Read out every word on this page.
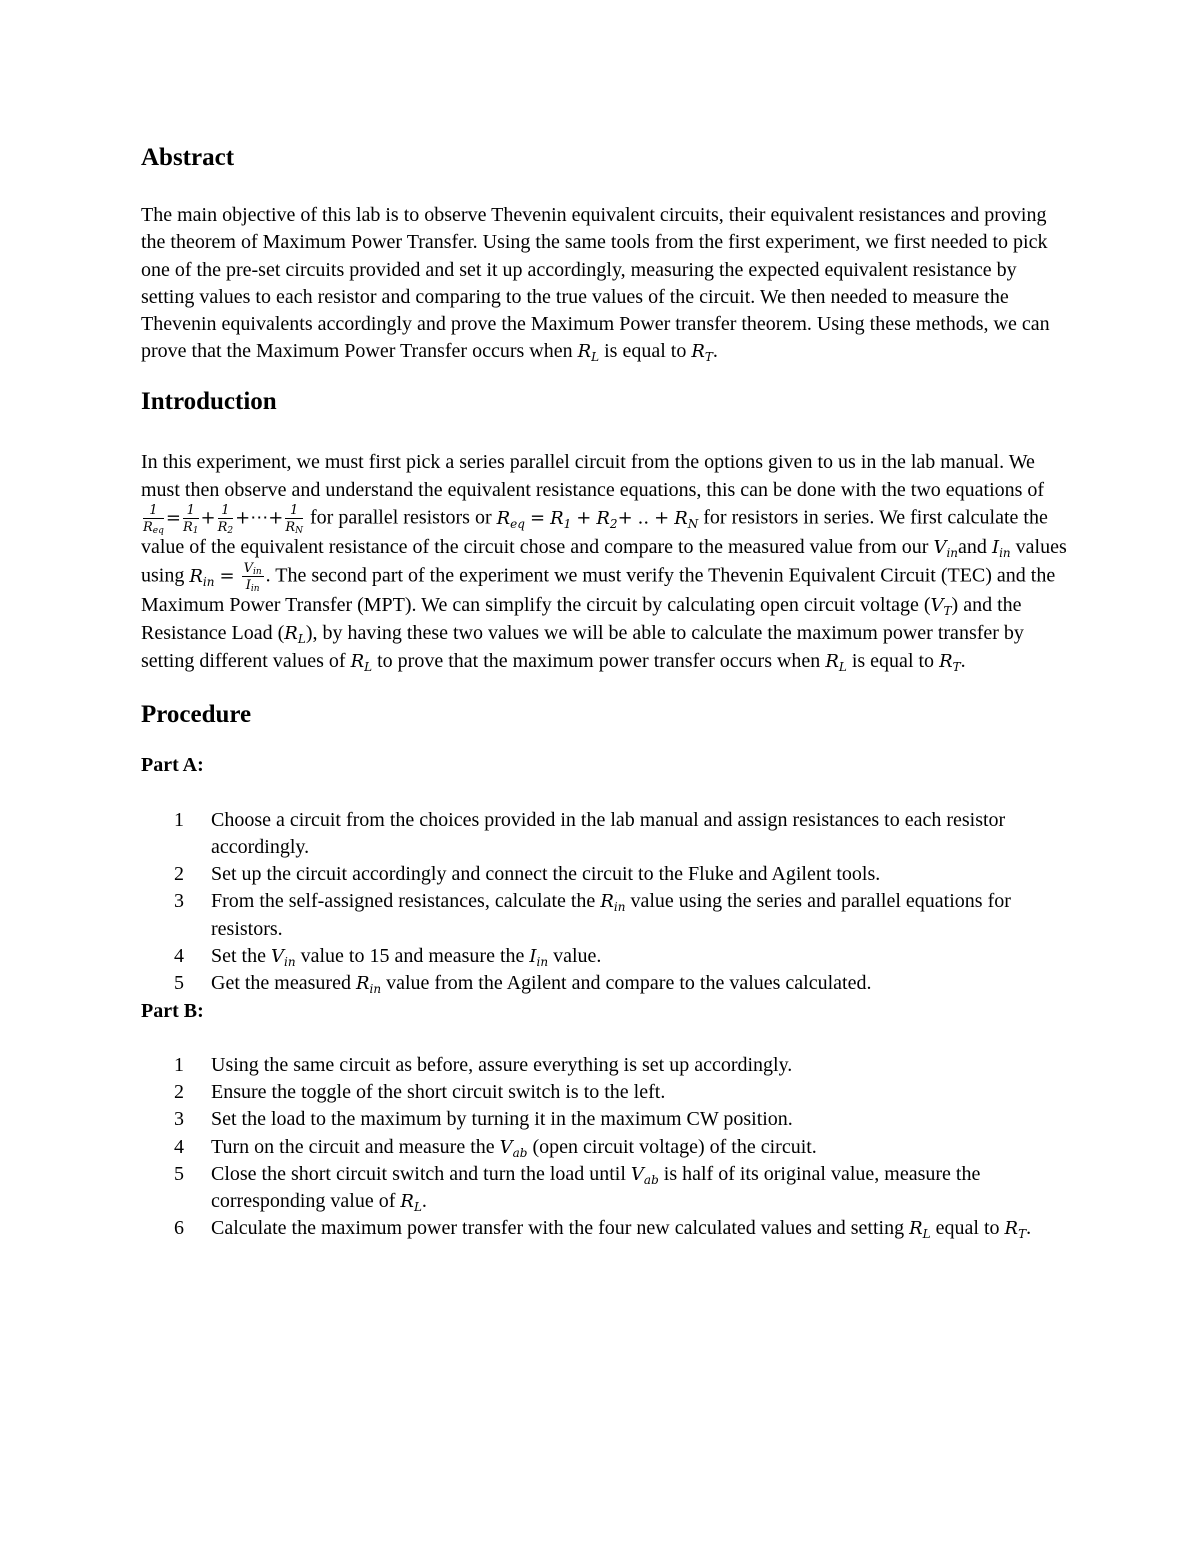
Abstract

The main objective of this lab is to observe Thevenin equivalent circuits, their equivalent resistances and proving the theorem of Maximum Power Transfer. Using the same tools from the first experiment, we first needed to pick one of the pre-set circuits provided and set it up accordingly, measuring the expected equivalent resistance by setting values to each resistor and comparing to the true values of the circuit. We then needed to measure the Thevenin equivalents accordingly and prove the Maximum Power transfer theorem. Using these methods, we can prove that the Maximum Power Transfer occurs when $R_L$ is equal to $R_T$.

Introduction

In this experiment, we must first pick a series parallel circuit from the options given to us in the lab manual. We must then observe and understand the equivalent resistance equations, this can be done with the two equations of
$\frac{1}{R_{eq}} = \frac{1}{R_1} + \frac{1}{R_2}$ +⋯+ $\frac{1}{R_N}$ for parallel resistors or $R_{eq} = R_1 + R_2+$ .. + $R_N$ for resistors in series. We first calculate the value of the equivalent resistance of the circuit chose and compare to the measured value from our $V_{in}and$ $I_{in}$ values using $R_{in} = \frac{V_{in}}{I_{in}}$ . The second part of the experiment we must verify the Thevenin Equivalent Circuit (TEC) and the Maximum Power Transfer (MPT). We can simplify the circuit by calculating open circuit voltage $(V_T)$ and the Resistance Load $(R_L)$, by having these two values we will be able to calculate the maximum power transfer by setting different values of $R_L$ to prove that the maximum power transfer occurs when $R_L$ is equal to $R_T$.

Procedure
Part A:
1 Choose a circuit from the choices provided in the lab manual and assign resistances to each resistor accordingly.
2 Set up the circuit accordingly and connect the circuit to the Fluke and Agilent tools.
3 From the self-assigned resistances, calculate the $R_{in}$ value using the series and parallel equations for resistors.
4 Set the $V_{in}$ value to 15 and measure the $I_{in}$ value.
5 Get the measured $R_{in}$ value from the Agilent and compare to the values calculated.
Part B:
1 Using the same circuit as before, assure everything is set up accordingly.
2 Ensure the toggle of the short circuit switch is to the left.
3 Set the load to the maximum by turning it in the maximum CW position.
4 Turn on the circuit and measure the $V_{ab}$ (open circuit voltage) of the circuit.
5 Close the short circuit switch and turn the load until $V_{ab}$ is half of its original value, measure the corresponding value of $R_L$.
6 Calculate the maximum power transfer with the four new calculated values and setting $R_L$ equal to $R_T$.
